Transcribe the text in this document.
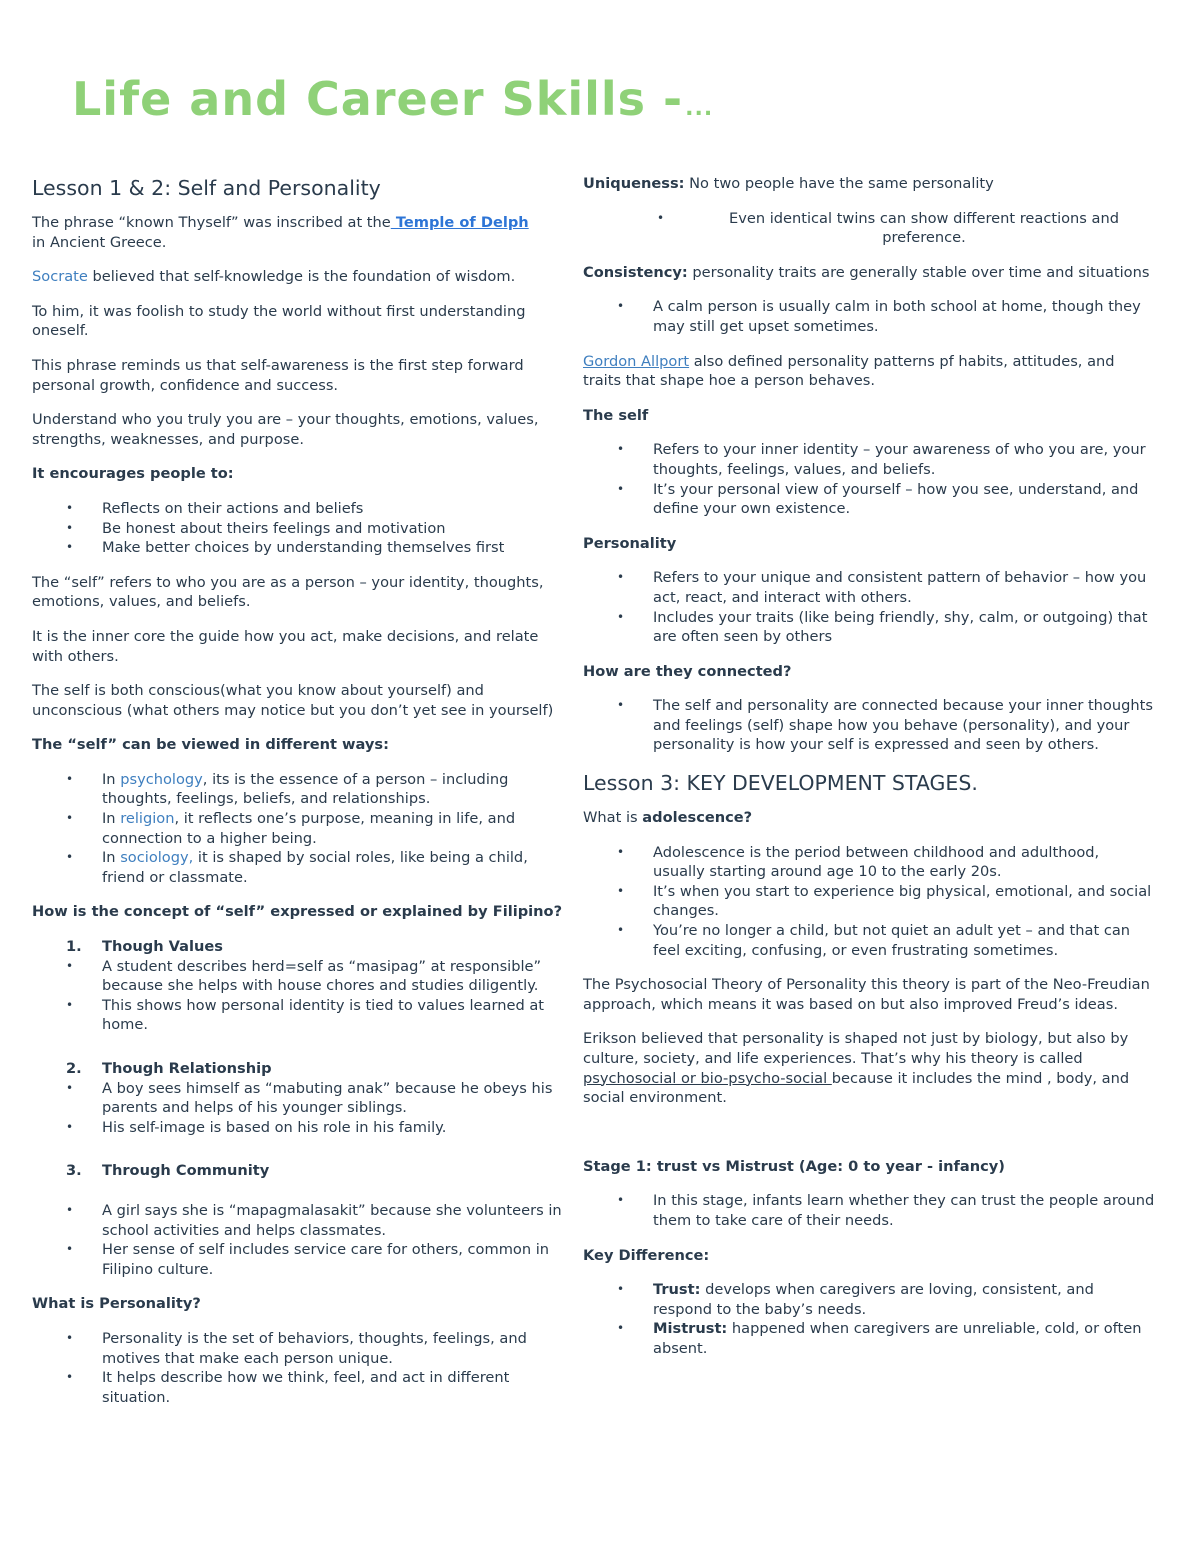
Life and Career Skills -...
Lesson 1 & 2: Self and Personality

The phrase “known Thyself” was inscribed at the Temple of Delph
in Ancient Greece.

Socrate believed that self-knowledge is the foundation of wisdom.

To him, it was foolish to study the world without first understanding oneself.

This phrase reminds us that self-awareness is the first step forward personal growth, confidence and success.

Understand who you truly you are – your thoughts, emotions, values, strengths, weaknesses, and purpose.

It encourages people to:

• Reflects on their actions and beliefs
• Be honest about theirs feelings and motivation
• Make better choices by understanding themselves first

The “self” refers to who you are as a person – your identity, thoughts, emotions, values, and beliefs.

It is the inner core the guide how you act, make decisions, and relate with others.

The self is both conscious(what you know about yourself) and unconscious (what others may notice but you don’t yet see in yourself)

The “self” can be viewed in different ways:

• In psychology, its is the essence of a person – including thoughts, feelings, beliefs, and relationships.
• In religion, it reflects one’s purpose, meaning in life, and connection to a higher being.
• In sociology, it is shaped by social roles, like being a child, friend or classmate.

How is the concept of “self” expressed or explained by Filipino?

1. Though Values
• A student describes herd=self as “masipag” at responsible” because she helps with house chores and studies diligently.
• This shows how personal identity is tied to values learned at home.
2. Though Relationship
• A boy sees himself as “mabuting anak” because he obeys his parents and helps of his younger siblings.
• His self-image is based on his role in his family.
3. Through Community
• A girl says she is “mapagmalasakit” because she volunteers in school activities and helps classmates.
• Her sense of self includes service care for others, common in Filipino culture.

What is Personality?

• Personality is the set of behaviors, thoughts, feelings, and motives that make each person unique.
• It helps describe how we think, feel, and act in different situation.

Uniqueness: No two people have the same personality

• Even identical twins can show different reactions and preference.

Consistency: personality traits are generally stable over time and situations

• A calm person is usually calm in both school at home, though they may still get upset sometimes.

Gordon Allport also defined personality patterns pf habits, attitudes, and traits that shape hoe a person behaves.

The self

• Refers to your inner identity – your awareness of who you are, your thoughts, feelings, values, and beliefs.
• It’s your personal view of yourself – how you see, understand, and define your own existence.

Personality

• Refers to your unique and consistent pattern of behavior – how you act, react, and interact with others.
• Includes your traits (like being friendly, shy, calm, or outgoing) that are often seen by others

How are they connected?

• The self and personality are connected because your inner thoughts and feelings (self) shape how you behave (personality), and your personality is how your self is expressed and seen by others.
Lesson 3: KEY DEVELOPMENT STAGES.

What is adolescence?

• Adolescence is the period between childhood and adulthood, usually starting around age 10 to the early 20s.
• It’s when you start to experience big physical, emotional, and social changes.
• You’re no longer a child, but not quiet an adult yet – and that can feel exciting, confusing, or even frustrating sometimes.

The Psychosocial Theory of Personality this theory is part of the Neo-Freudian approach, which means it was based on but also improved Freud’s ideas.

Erikson believed that personality is shaped not just by biology, but also by culture, society, and life experiences. That’s why his theory is called psychosocial or bio-psycho-social because it includes the mind , body, and social environment.

Stage 1: trust vs Mistrust (Age: 0 to year - infancy)

• In this stage, infants learn whether they can trust the people around them to take care of their needs.

Key Difference:

• Trust: develops when caregivers are loving, consistent, and respond to the baby’s needs.
• Mistrust: happened when caregivers are unreliable, cold, or often absent.
